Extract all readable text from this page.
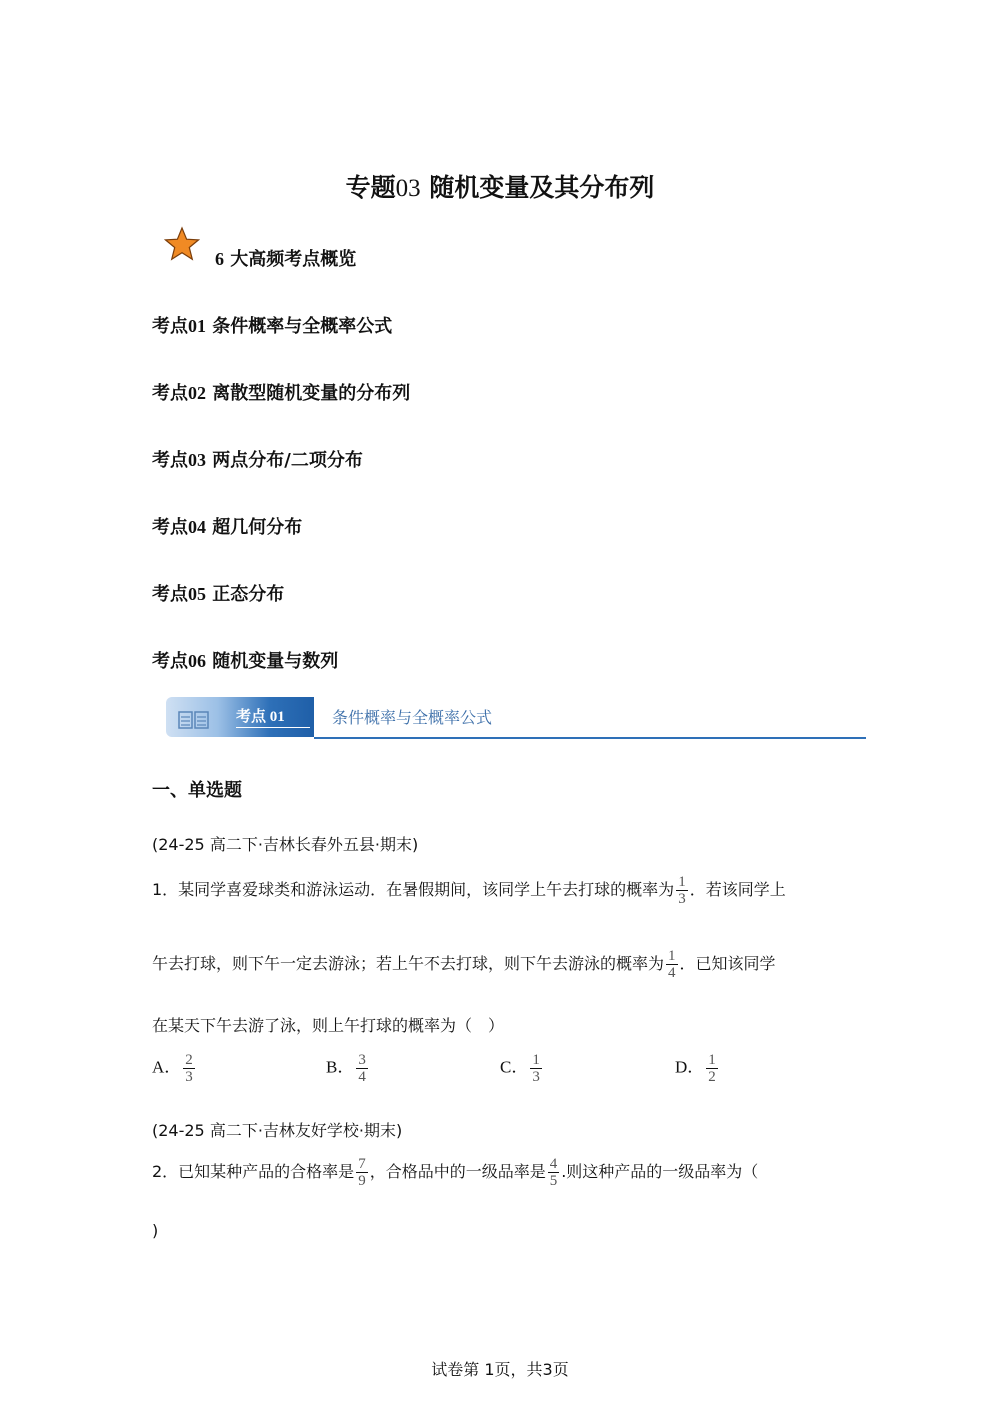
专题03 随机变量及其分布列
6 大高频考点概览
考点01 条件概率与全概率公式
考点02 离散型随机变量的分布列
考点03 两点分布/二项分布
考点04 超几何分布
考点05 正态分布
考点06 随机变量与数列
考点 01	条件概率与全概率公式
一、单选题
(24-25 高二下·吉林长春外五县·期末)
1．某同学喜爱球类和游泳运动．在暑假期间，该同学上午去打球的概率为 $\frac{1}{3}$ ．若该同学上
午去打球，则下午一定去游泳；若上午不去打球，则下午去游泳的概率为 $\frac{1}{4}$ ．已知该同学
在某天下午去游了泳，则上午打球的概率为（　）
A． $\frac{2}{3}$	B． $\frac{3}{4}$	C． $\frac{1}{3}$	D． $\frac{1}{2}$
(24-25 高二下·吉林友好学校·期末)
2．已知某种产品的合格率是 $\frac{7}{9}$ ，合格品中的一级品率是 $\frac{4}{5}$ .则这种产品的一级品率为（
)
试卷第 1页，共3页
